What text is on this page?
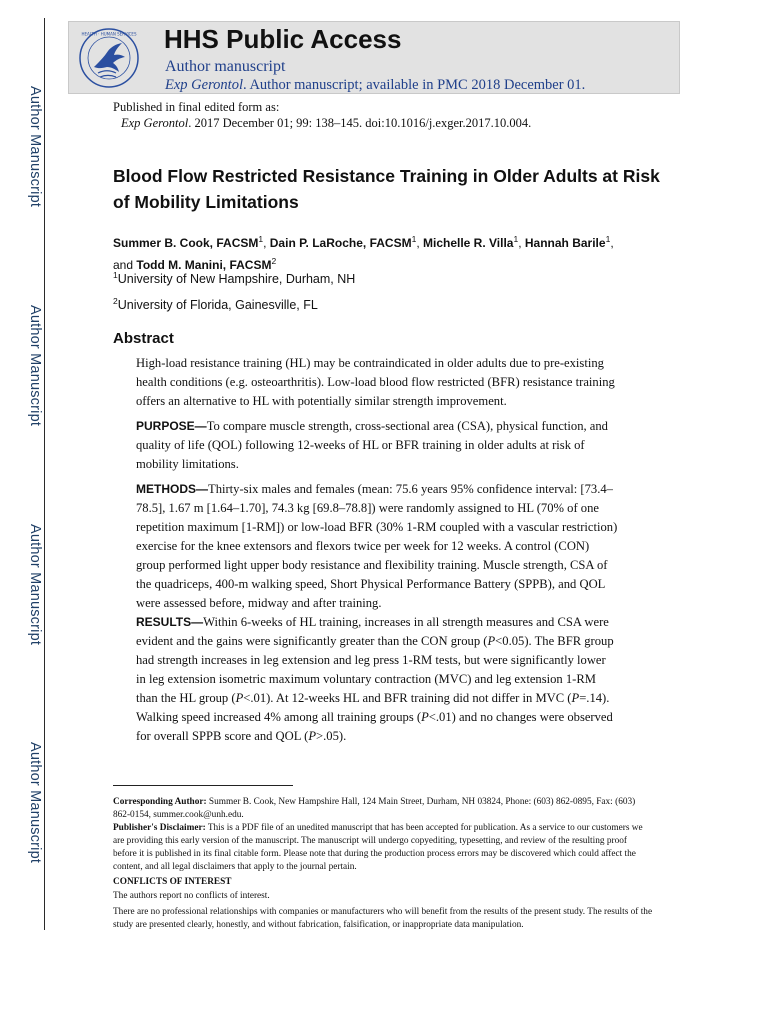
Author Manuscript
Author Manuscript
Author Manuscript
Author Manuscript
HEALTH · HUMAN SERVICES HHS Public Access
Author manuscript
Exp Gerontol. Author manuscript; available in PMC 2018 December 01.
Published in final edited form as:
Exp Gerontol. 2017 December 01; 99: 138–145. doi:10.1016/j.exger.2017.10.004.
Blood Flow Restricted Resistance Training in Older Adults at Risk of Mobility Limitations
Summer B. Cook, FACSM$^1$, Dain P. LaRoche, FACSM$^1$, Michelle R. Villa$^1$, Hannah Barile$^1$,
and Todd M. Manini, FACSM$^2$
$^1$University of New Hampshire, Durham, NH
$^2$University of Florida, Gainesville, FL
Abstract
High-load resistance training (HL) may be contraindicated in older adults due to pre-existing health conditions (e.g. osteoarthritis). Low-load blood flow restricted (BFR) resistance training offers an alternative to HL with potentially similar strength improvement.
PURPOSE—To compare muscle strength, cross-sectional area (CSA), physical function, and quality of life (QOL) following 12-weeks of HL or BFR training in older adults at risk of mobility limitations.
METHODS—Thirty-six males and females (mean: 75.6 years 95% confidence interval: [73.4–78.5], 1.67 m [1.64–1.70], 74.3 kg [69.8–78.8]) were randomly assigned to HL (70% of one repetition maximum [1-RM]) or low-load BFR (30% 1-RM coupled with a vascular restriction) exercise for the knee extensors and flexors twice per week for 12 weeks. A control (CON) group performed light upper body resistance and flexibility training. Muscle strength, CSA of the quadriceps, 400-m walking speed, Short Physical Performance Battery (SPPB), and QOL were assessed before, midway and after training.
RESULTS—Within 6-weeks of HL training, increases in all strength measures and CSA were evident and the gains were significantly greater than the CON group (P<0.05). The BFR group had strength increases in leg extension and leg press 1-RM tests, but were significantly lower in leg extension isometric maximum voluntary contraction (MVC) and leg extension 1-RM than the HL group (P<.01). At 12-weeks HL and BFR training did not differ in MVC (P=.14). Walking speed increased 4% among all training groups (P<.01) and no changes were observed for overall SPPB score and QOL (P>.05).
Corresponding Author: Summer B. Cook, New Hampshire Hall, 124 Main Street, Durham, NH 03824, Phone: (603) 862-0895, Fax: (603) 862-0154, summer.cook@unh.edu.
Publisher's Disclaimer: This is a PDF file of an unedited manuscript that has been accepted for publication. As a service to our customers we are providing this early version of the manuscript. The manuscript will undergo copyediting, typesetting, and review of the resulting proof before it is published in its final citable form. Please note that during the production process errors may be discovered which could affect the content, and all legal disclaimers that apply to the journal pertain.
CONFLICTS OF INTEREST
The authors report no conflicts of interest.
There are no professional relationships with companies or manufacturers who will benefit from the results of the present study. The results of the study are presented clearly, honestly, and without fabrication, falsification, or inappropriate data manipulation.
